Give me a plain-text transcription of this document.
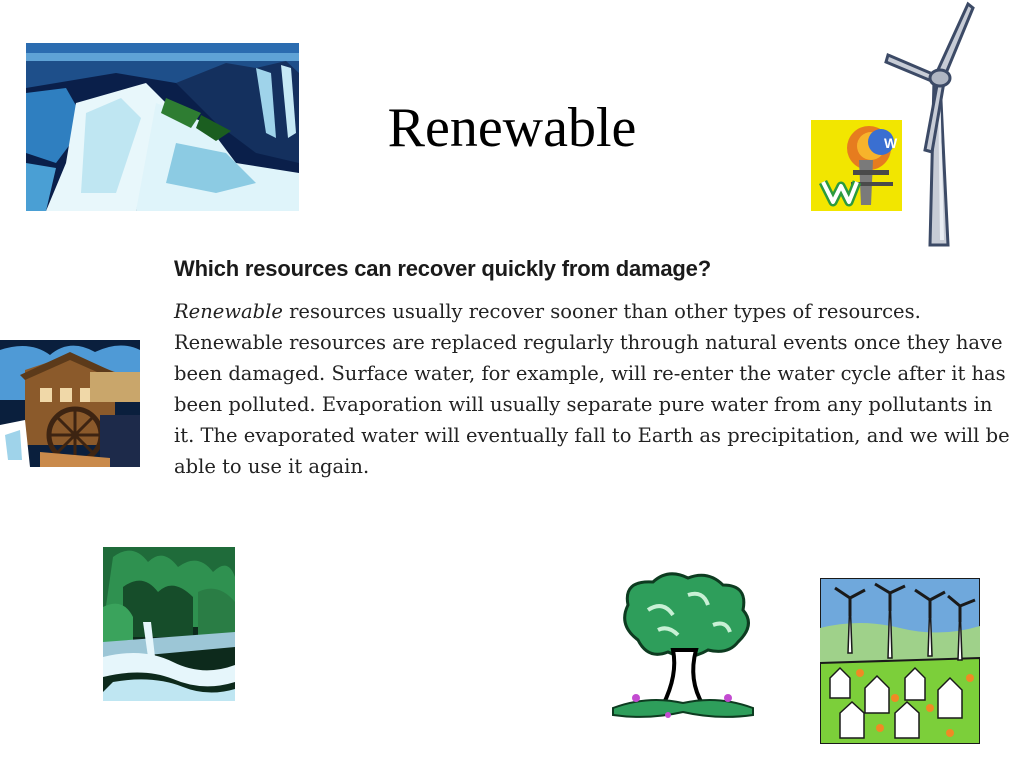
Renewable	W

Which resources can recover quickly from damage?

Renewable resources usually recover sooner than other types of resources. Renewable resources are replaced regularly through natural events once they have been damaged. Surface water, for example, will re-enter the water cycle after it has been polluted. Evaporation will usually separate pure water from any pollutants in it. The evaporated water will eventually fall to Earth as precipitation, and we will be able to use it again.
